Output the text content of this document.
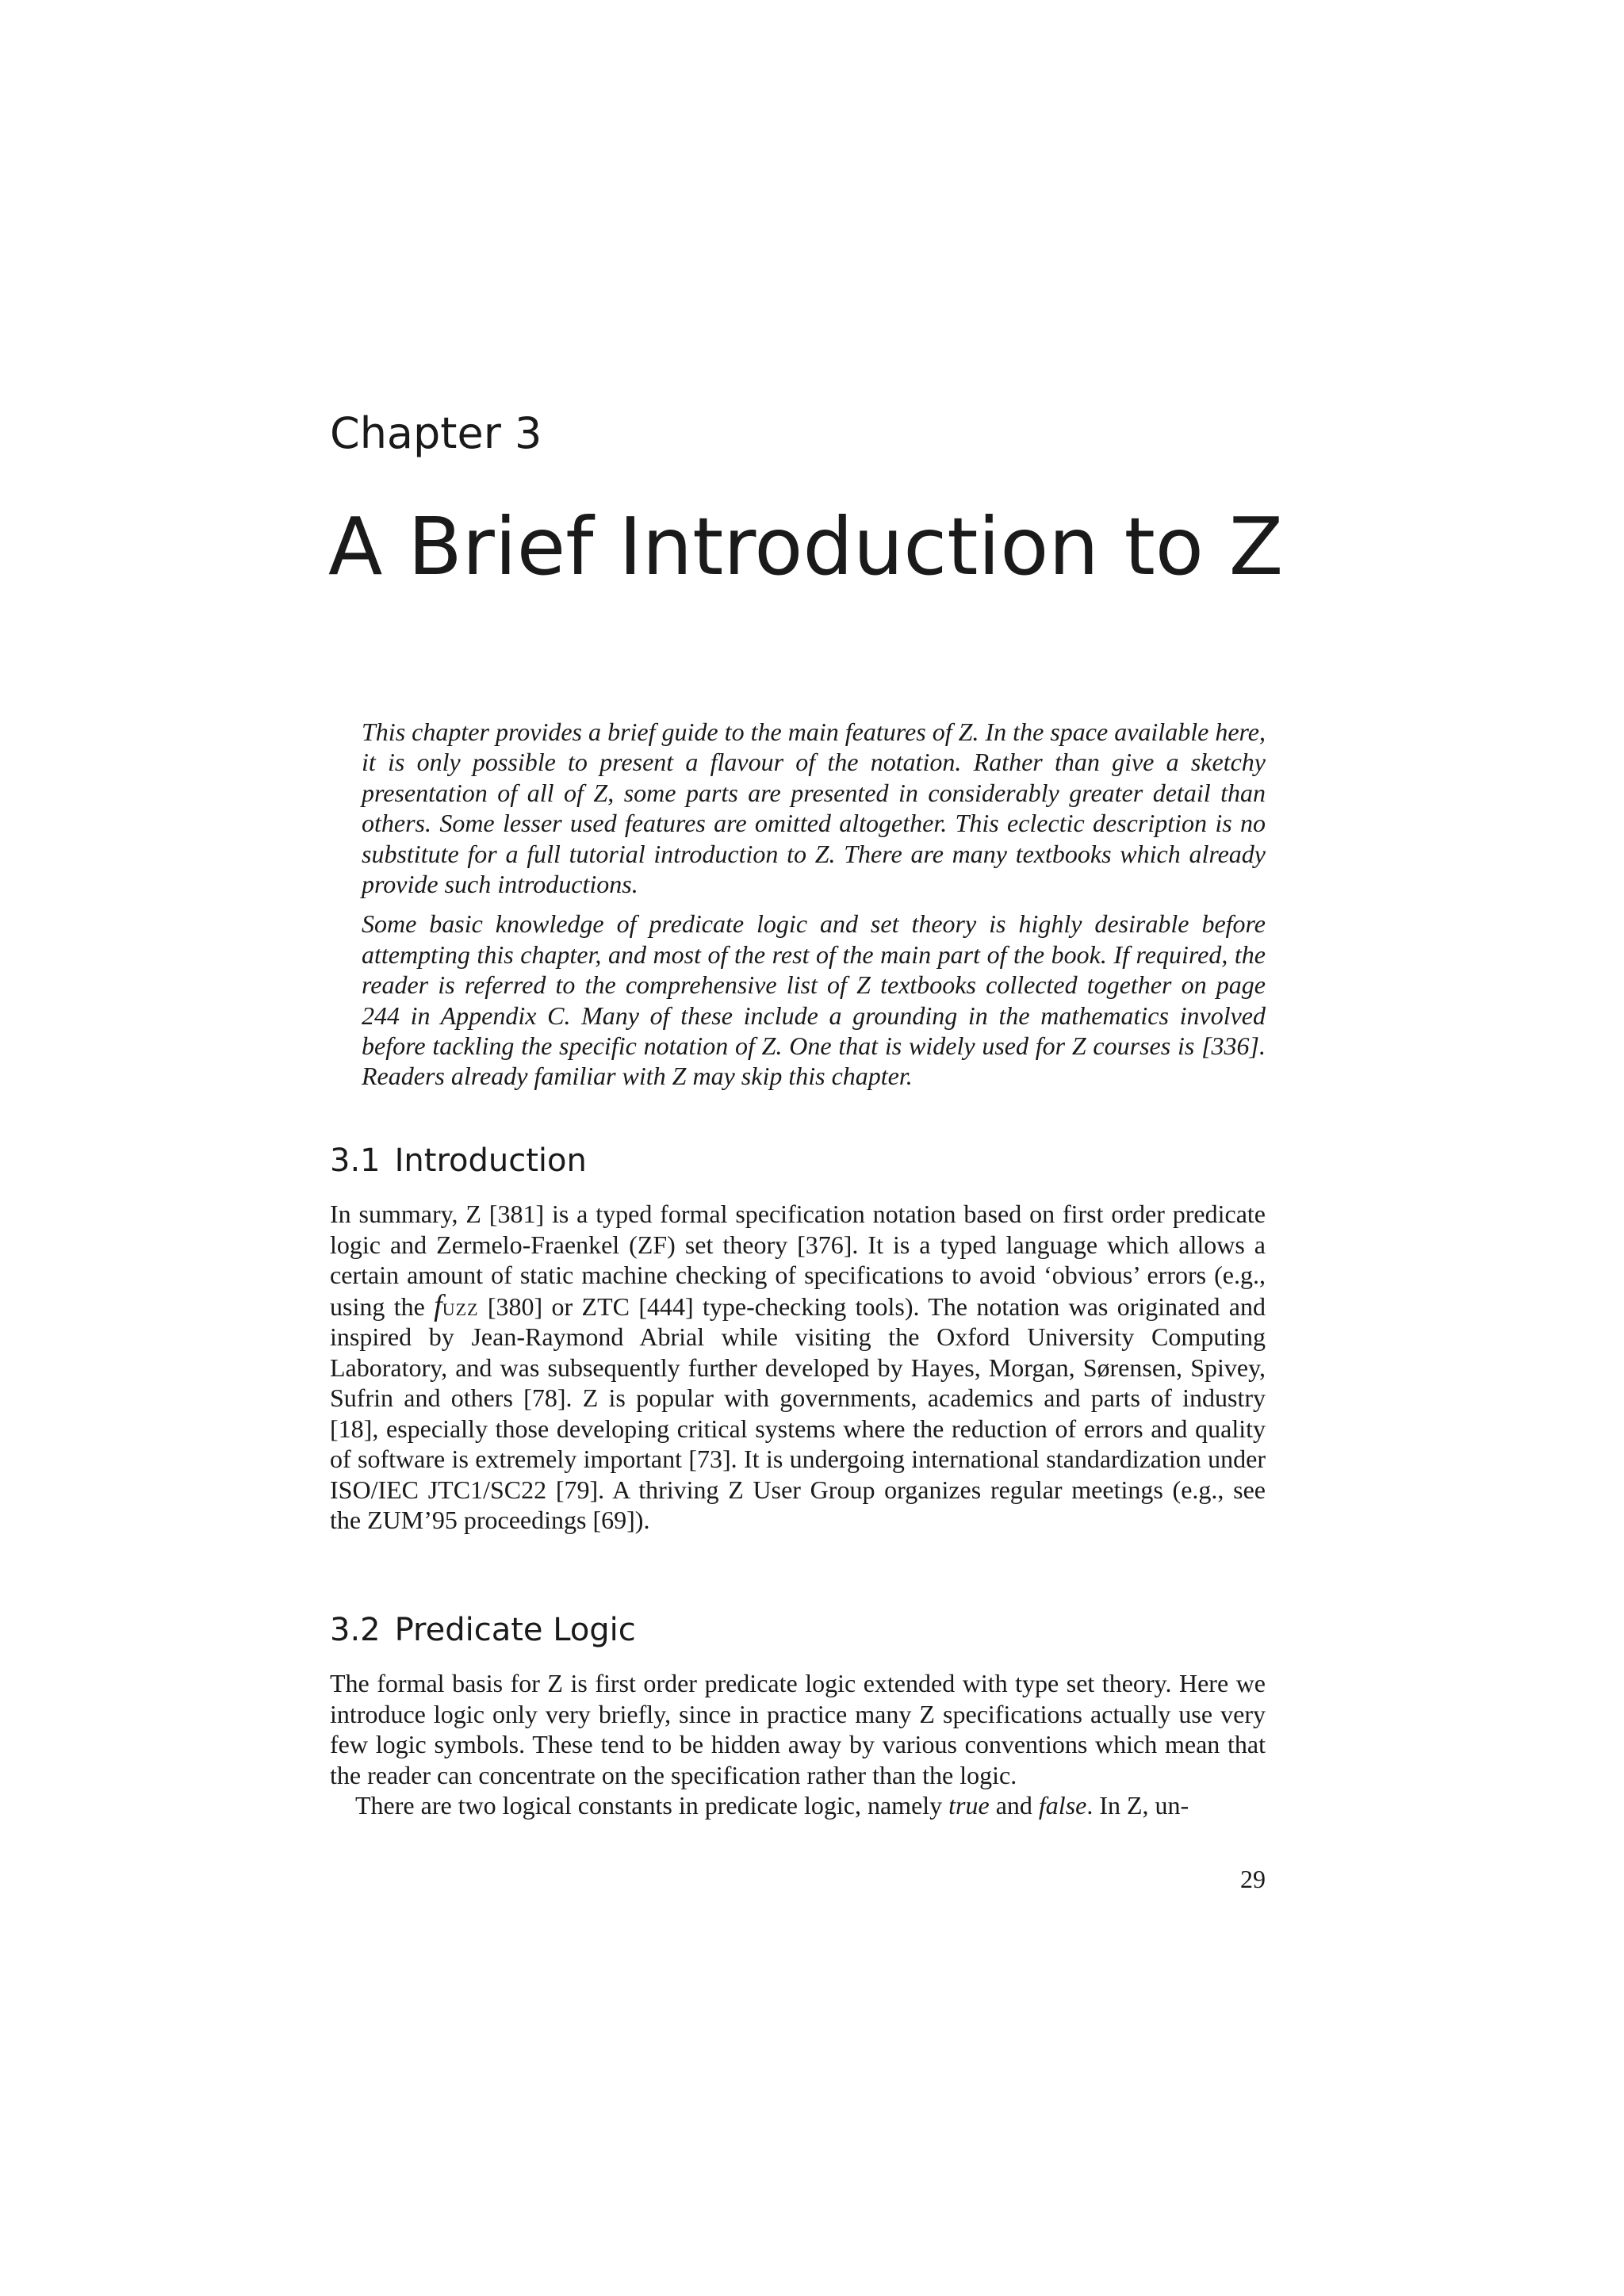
Chapter 3
A Brief Introduction to Z

This chapter provides a brief guide to the main features of Z. In the space available here, it is only possible to present a flavour of the notation. Rather than give a sketchy presentation of all of Z, some parts are presented in considerably greater detail than others. Some lesser used features are omitted altogether. This eclectic description is no substitute for a full tutorial introduction to Z. There are many textbooks which already provide such introductions.

Some basic knowledge of predicate logic and set theory is highly desirable before attempting this chapter, and most of the rest of the main part of the book. If required, the reader is referred to the comprehensive list of Z textbooks collected together on page 244 in Appendix C. Many of these include a grounding in the mathematics involved before tackling the specific notation of Z. One that is widely used for Z courses is [336]. Readers already familiar with Z may skip this chapter.

3.1 Introduction

In summary, Z [381] is a typed formal specification notation based on first order predicate logic and Zermelo-Fraenkel (ZF) set theory [376]. It is a typed language which allows a certain amount of static machine checking of specifications to avoid ‘obvious’ errors (e.g., using the fuzz [380] or ZTC [444] type-checking tools). The notation was originated and inspired by Jean-Raymond Abrial while visiting the Oxford University Computing Laboratory, and was subsequently further developed by Hayes, Morgan, Sørensen, Spivey, Sufrin and others [78]. Z is popular with governments, academics and parts of industry [18], especially those developing critical systems where the reduction of errors and quality of software is extremely important [73]. It is undergoing international standardization under ISO/IEC JTC1/SC22 [79]. A thriving Z User Group organizes regular meetings (e.g., see the ZUM’95 proceedings [69]).

3.2 Predicate Logic
The formal basis for Z is first order predicate logic extended with type set theory. Here we introduce logic only very briefly, since in practice many Z specifications actually use very few logic symbols. These tend to be hidden away by various conventions which mean that the reader can concentrate on the specification rather than the logic.
There are two logical constants in predicate logic, namely true and false. In Z, un-
29
